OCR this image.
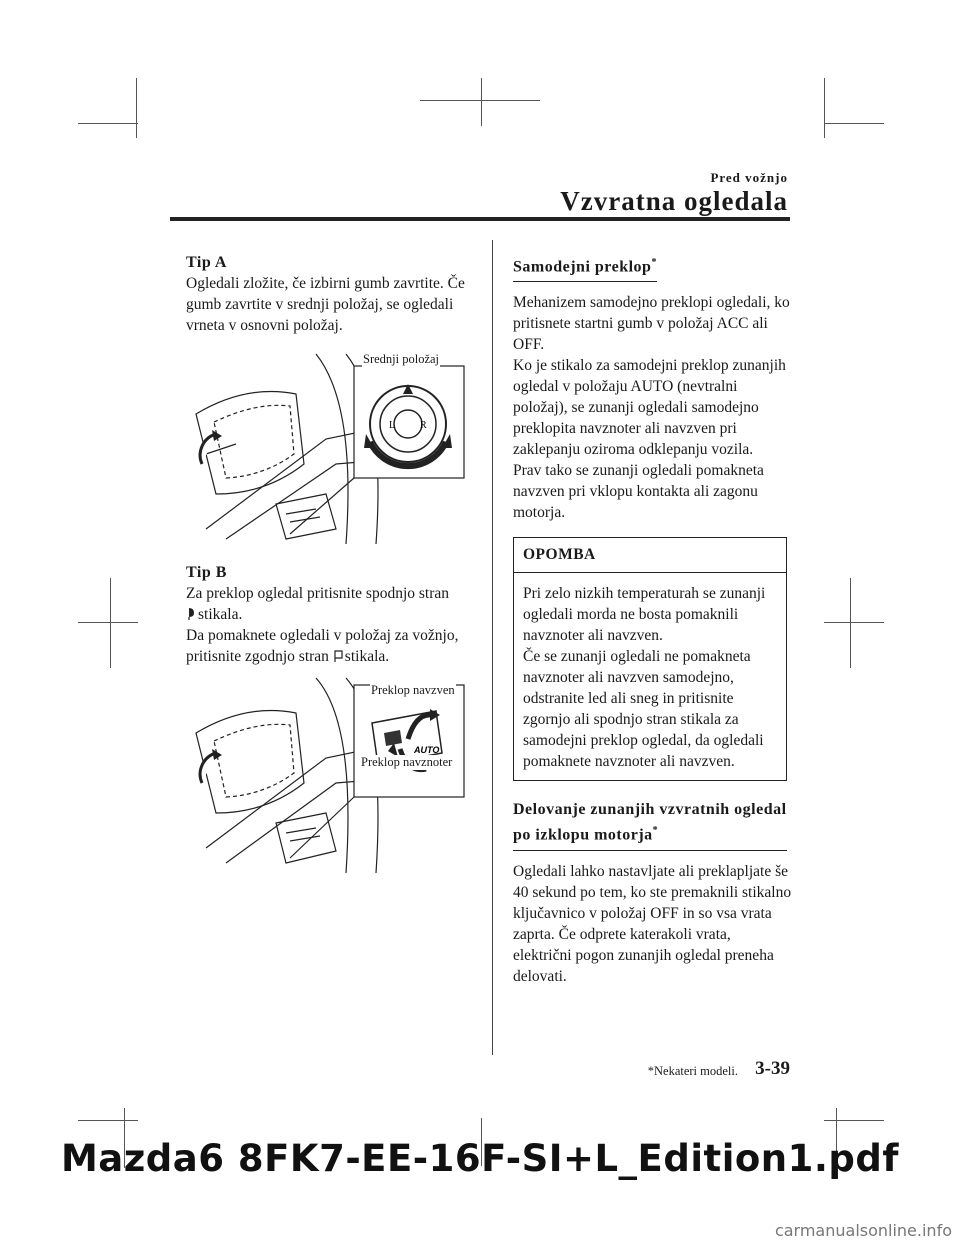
Pred vožnjo
Vzvratna ogledala

Tip A

Ogledali zložite, če izbirni gumb zavrtite. Če gumb zavrtite v srednji položaj, se ogledali vrneta v osnovni položaj.

L R
Srednji položaj

Tip B

Za preklop ogledal pritisnite spodnjo stran
stikala.
Da pomaknete ogledali v položaj za vožnjo, pritisnite zgodnjo stran stikala.

AUTO
Preklop navzven
Preklop navznoter
Samodejni preklop*

Mehanizem samodejno preklopi ogledali, ko pritisnete startni gumb v položaj ACC ali OFF.

Ko je stikalo za samodejni preklop zunanjih ogledal v položaju AUTO (nevtralni položaj), se zunanji ogledali samodejno preklopita navznoter ali navzven pri zaklepanju oziroma odklepanju vozila.

Prav tako se zunanji ogledali pomakneta navzven pri vklopu kontakta ali zagonu motorja.

OPOMBA

Pri zelo nizkih temperaturah se zunanji ogledali morda ne bosta pomaknili navznoter ali navzven.

Če se zunanji ogledali ne pomakneta navznoter ali navzven samodejno, odstranite led ali sneg in pritisnite zgornjo ali spodnjo stran stikala za samodejni preklop ogledal, da ogledali pomaknete navznoter ali navzven.

Delovanje zunanjih vzvratnih ogledal
po izklopu motorja*

Ogledali lahko nastavljate ali preklapljate še 40 sekund po tem, ko ste premaknili stikalno ključavnico v položaj OFF in so vsa vrata zaprta. Če odprete katerakoli vrata, električni pogon zunanjih ogledal preneha delovati.

*Nekateri modeli. 3-39
Mazda6 8FK7-EE-16F-SI+L_Edition1.pdf
carmanualsonline.info
